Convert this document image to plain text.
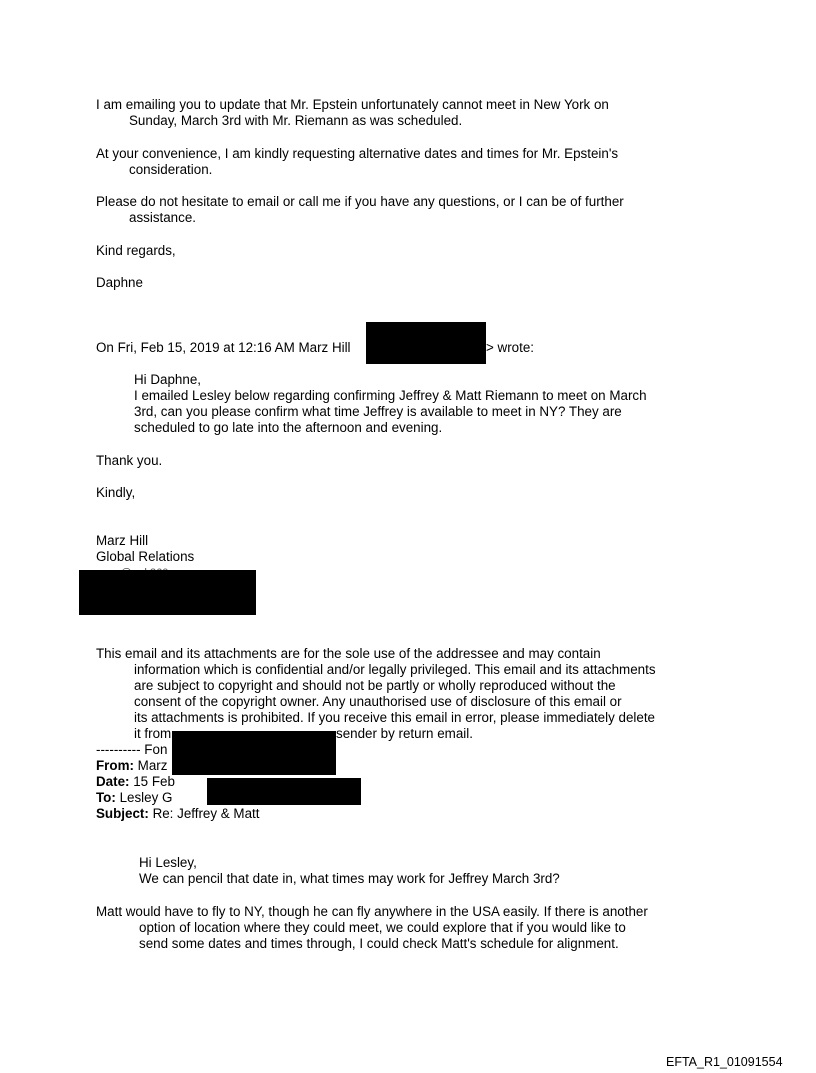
I am emailing you to update that Mr. Epstein unfortunately cannot meet in New York on

Sunday, March 3rd with Mr. Riemann as was scheduled.

At your convenience, I am kindly requesting alternative dates and times for Mr. Epstein's

consideration.

Please do not hesitate to email or call me if you have any questions, or I can be of further

assistance.

Kind regards,

Daphne

On Fri, Feb 15, 2019 at 12:16 AM Marz Hill	> wrote:

Hi Daphne,

I emailed Lesley below regarding confirming Jeffrey & Matt Riemann to meet on March

3rd, can you please confirm what time Jeffrey is available to meet in NY? They are

scheduled to go late into the afternoon and evening.

Thank you.

Kindly,

Marz Hill

Global Relations

This email and its attachments are for the sole use of the addressee and may contain

information which is confidential and/or legally privileged. This email and its attachments

are subject to copyright and should not be partly or wholly reproduced without the

consent of the copyright owner. Any unauthorised use of disclosure of this email or

its attachments is prohibited. If you receive this email in error, please immediately delete

it from	sender by return email.

---------- Fon

From: Marz

Date: 15 Feb

To: Lesley G

Subject: Re: Jeffrey & Matt

Hi Lesley,

We can pencil that date in, what times may work for Jeffrey March 3rd?

Matt would have to fly to NY, though he can fly anywhere in the USA easily. If there is another

option of location where they could meet, we could explore that if you would like to

send some dates and times through, I could check Matt's schedule for alignment.

EFTA_R1_01091554
